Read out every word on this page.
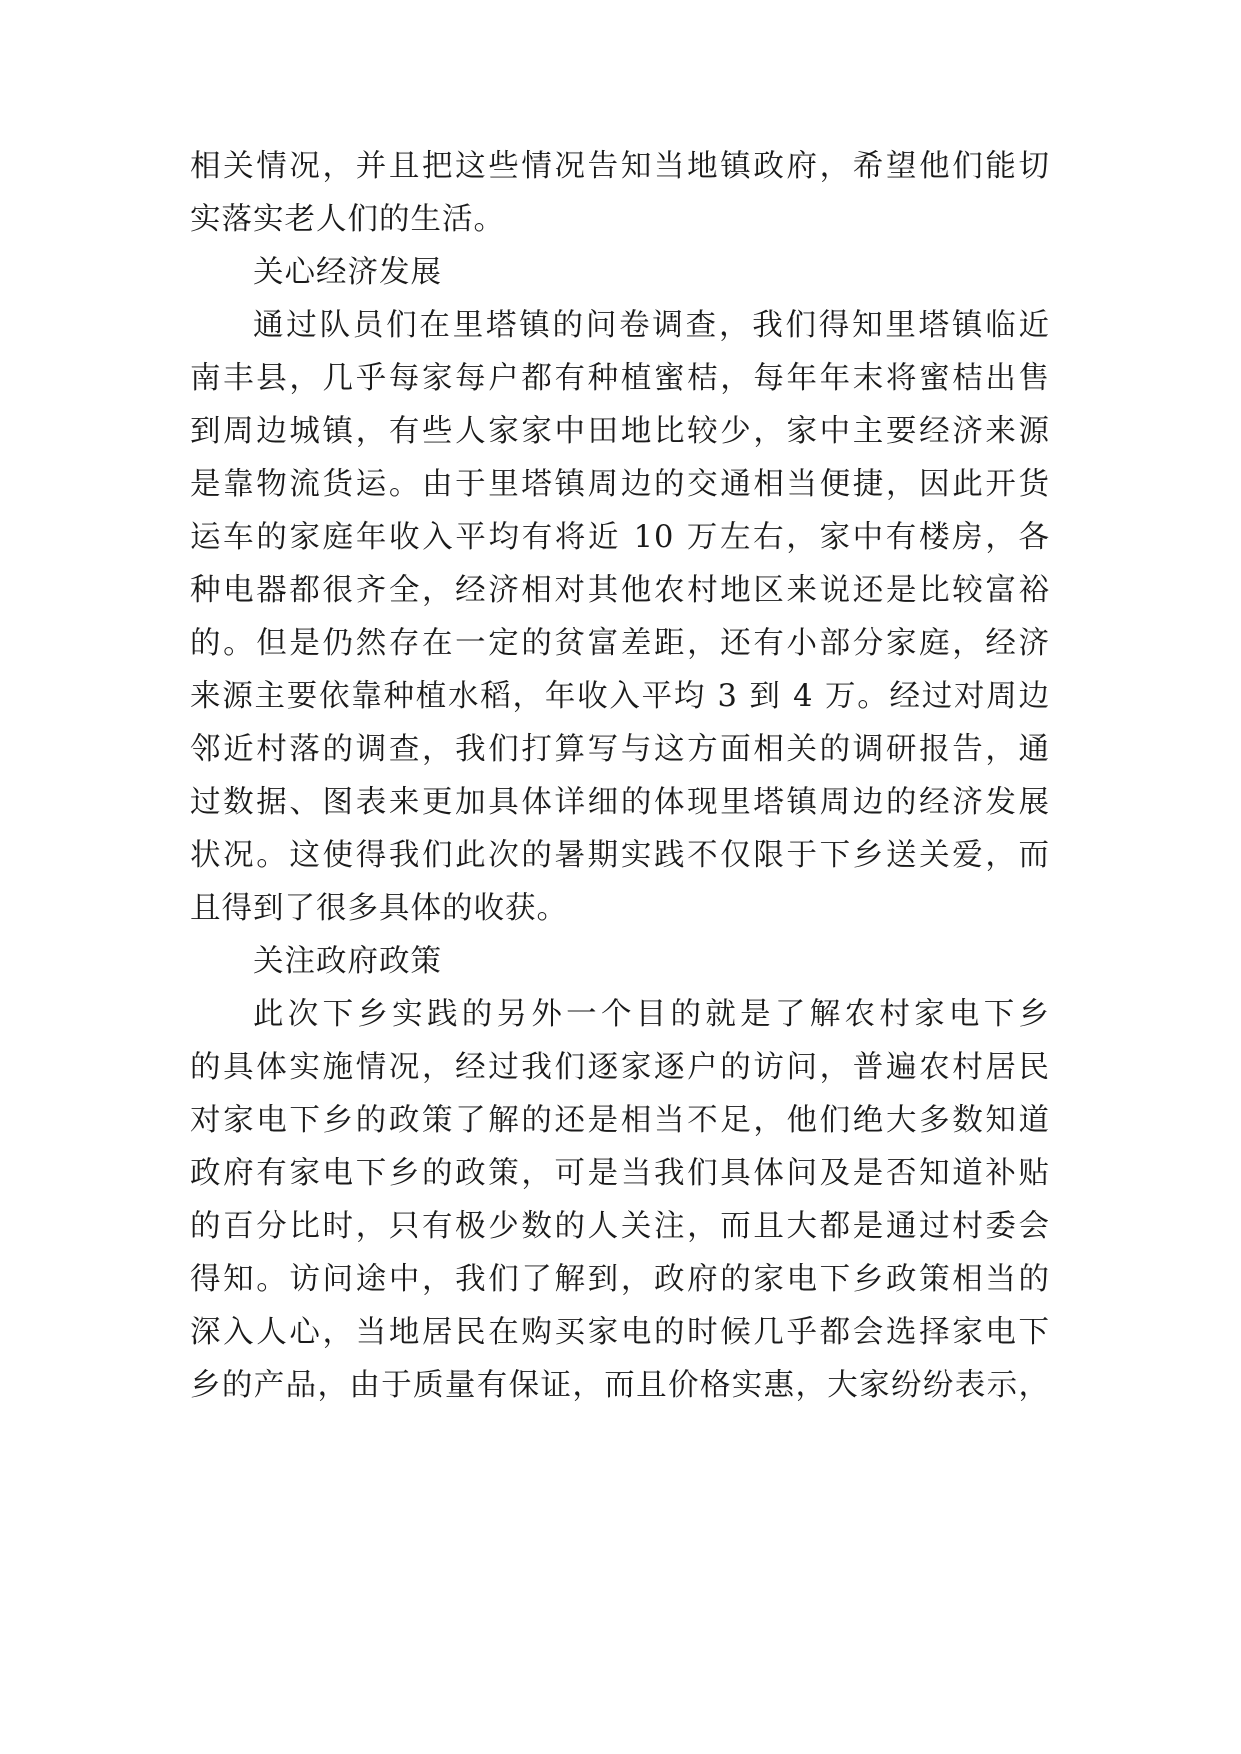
相关情况，并且把这些情况告知当地镇政府，希望他们能切
实落实老人们的生活。
关心经济发展
通过队员们在里塔镇的问卷调查，我们得知里塔镇临近
南丰县，几乎每家每户都有种植蜜桔，每年年末将蜜桔出售
到周边城镇，有些人家家中田地比较少，家中主要经济来源
是靠物流货运。由于里塔镇周边的交通相当便捷，因此开货
运车的家庭年收入平均有将近 10 万左右，家中有楼房，各
种电器都很齐全，经济相对其他农村地区来说还是比较富裕
的。但是仍然存在一定的贫富差距，还有小部分家庭，经济
来源主要依靠种植水稻，年收入平均 3 到 4 万。经过对周边
邻近村落的调查，我们打算写与这方面相关的调研报告，通
过数据、图表来更加具体详细的体现里塔镇周边的经济发展
状况。这使得我们此次的暑期实践不仅限于下乡送关爱，而
且得到了很多具体的收获。
关注政府政策
此次下乡实践的另外一个目的就是了解农村家电下乡
的具体实施情况，经过我们逐家逐户的访问，普遍农村居民
对家电下乡的政策了解的还是相当不足，他们绝大多数知道
政府有家电下乡的政策，可是当我们具体问及是否知道补贴
的百分比时，只有极少数的人关注，而且大都是通过村委会
得知。访问途中，我们了解到，政府的家电下乡政策相当的
深入人心，当地居民在购买家电的时候几乎都会选择家电下
乡的产品，由于质量有保证，而且价格实惠，大家纷纷表示，
